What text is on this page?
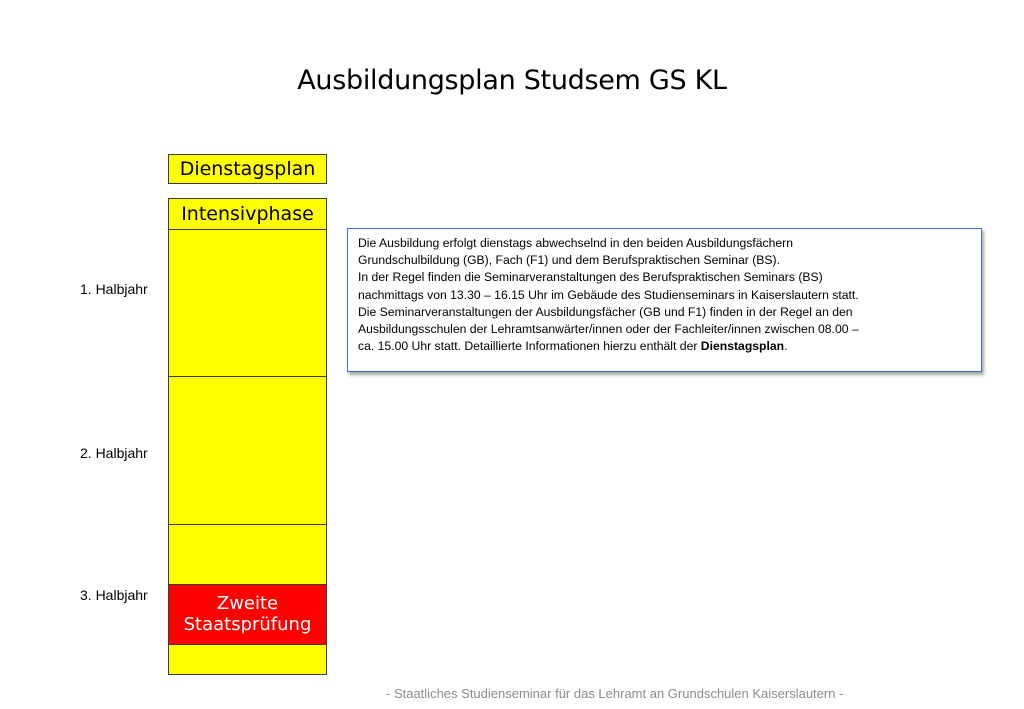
Ausbildungsplan Studsem GS KL
Dienstagsplan
Intensivphase
Zweite
Staatsprüfung
1. Halbjahr
2. Halbjahr
3. Halbjahr

Die Ausbildung erfolgt dienstags abwechselnd in den beiden Ausbildungsfächern

Grundschulbildung (GB), Fach (F1) und dem Berufspraktischen Seminar (BS).

In der Regel finden die Seminarveranstaltungen des Berufspraktischen Seminars (BS)

nachmittags von 13.30 – 16.15 Uhr im Gebäude des Studienseminars in Kaiserslautern statt.

Die Seminarveranstaltungen der Ausbildungsfächer (GB und F1) finden in der Regel an den

Ausbildungsschulen der Lehramtsanwärter/innen oder der Fachleiter/innen zwischen 08.00 –

ca. 15.00 Uhr statt. Detaillierte Informationen hierzu enthält der Dienstagsplan.

- Staatliches Studienseminar für das Lehramt an Grundschulen Kaiserslautern -
